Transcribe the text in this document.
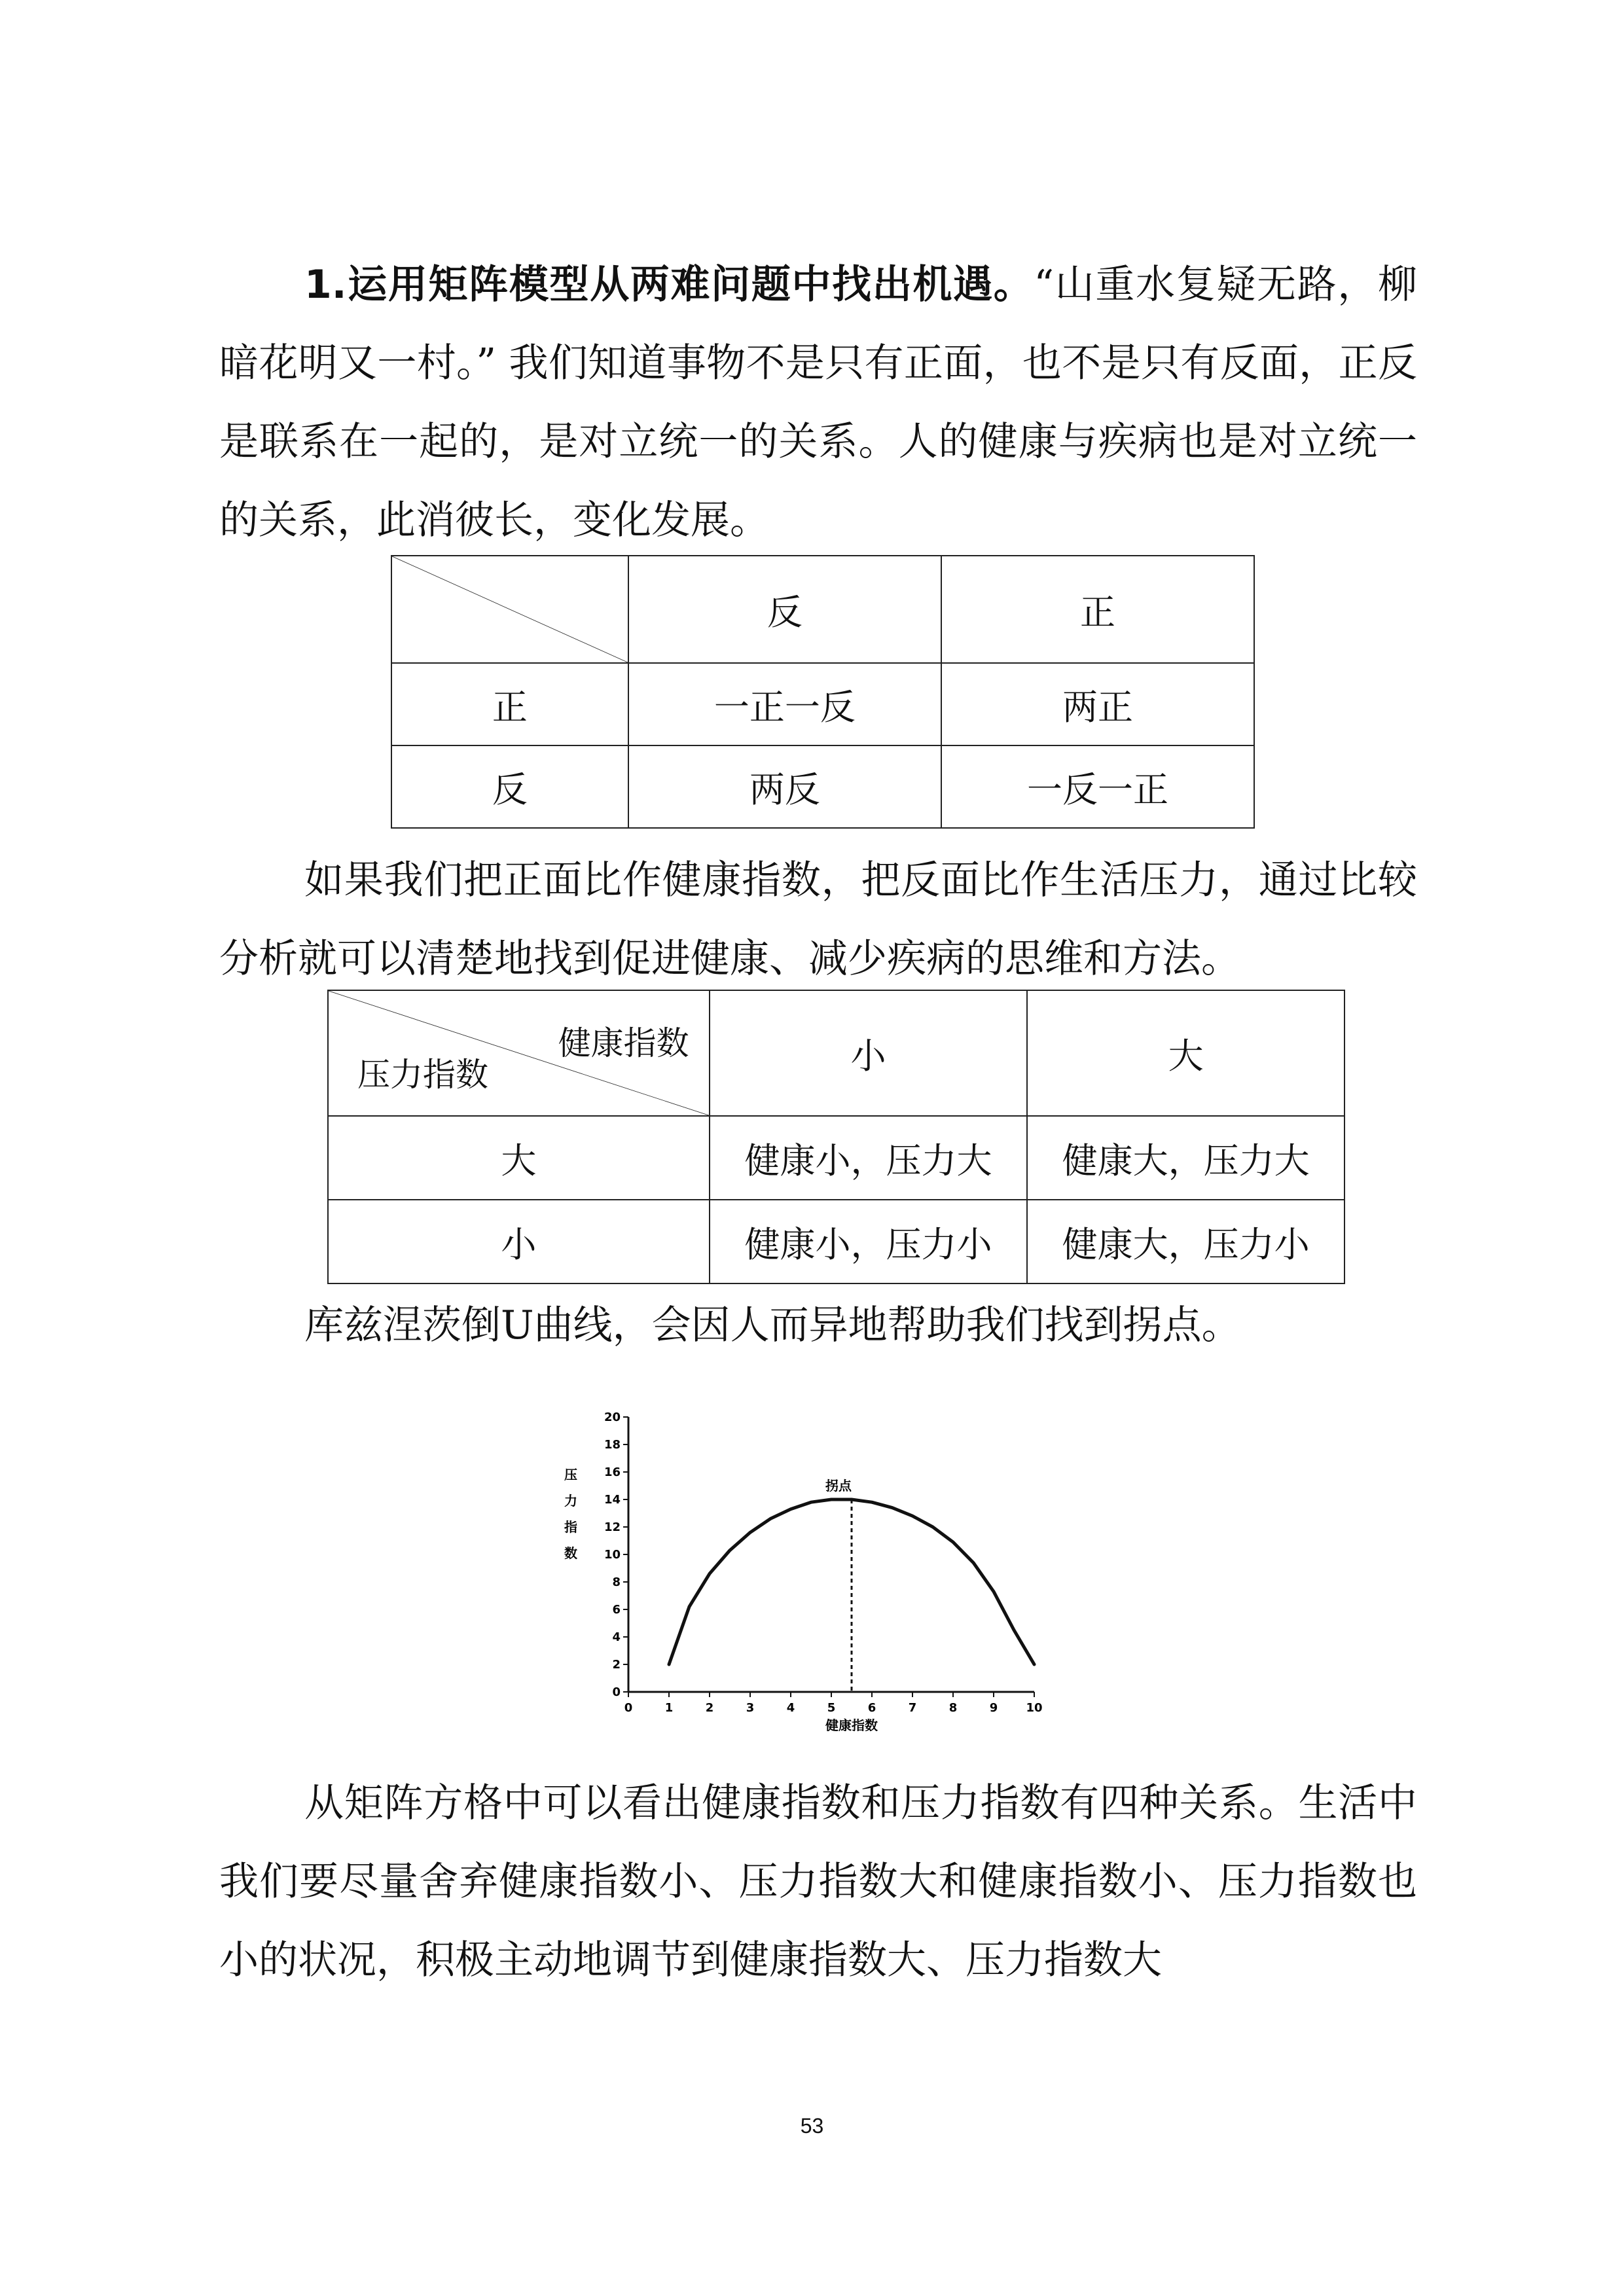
1.运用矩阵模型从两难问题中找出机遇。“山重水复疑无路，柳暗花明又一村。” 我们知道事物不是只有正面，也不是只有反面，正反是联系在一起的，是对立统一的关系。人的健康与疾病也是对立统一的关系，此消彼长，变化发展。

	反	正
正	一正一反	两正
反	两反	一反一正

如果我们把正面比作健康指数，把反面比作生活压力，通过比较分析就可以清楚地找到促进健康、减少疾病的思维和方法。

健康指数
压力指数	小	大
大	健康小，压力大	健康大，压力大
小	健康小，压力小	健康大，压力小
库兹涅茨倒U曲线，会因人而异地帮助我们找到拐点。
0	1	2	3	4	5	6	7	8	9 10
0
2
4
6
8
10
12
14
16
18
20
压
力
指
数
健康指数
拐点

从矩阵方格中可以看出健康指数和压力指数有四种关系。生活中我们要尽量舍弃健康指数小、压力指数大和健康指数小、压力指数也小的状况，积极主动地调节到健康指数大、压力指数大

53
